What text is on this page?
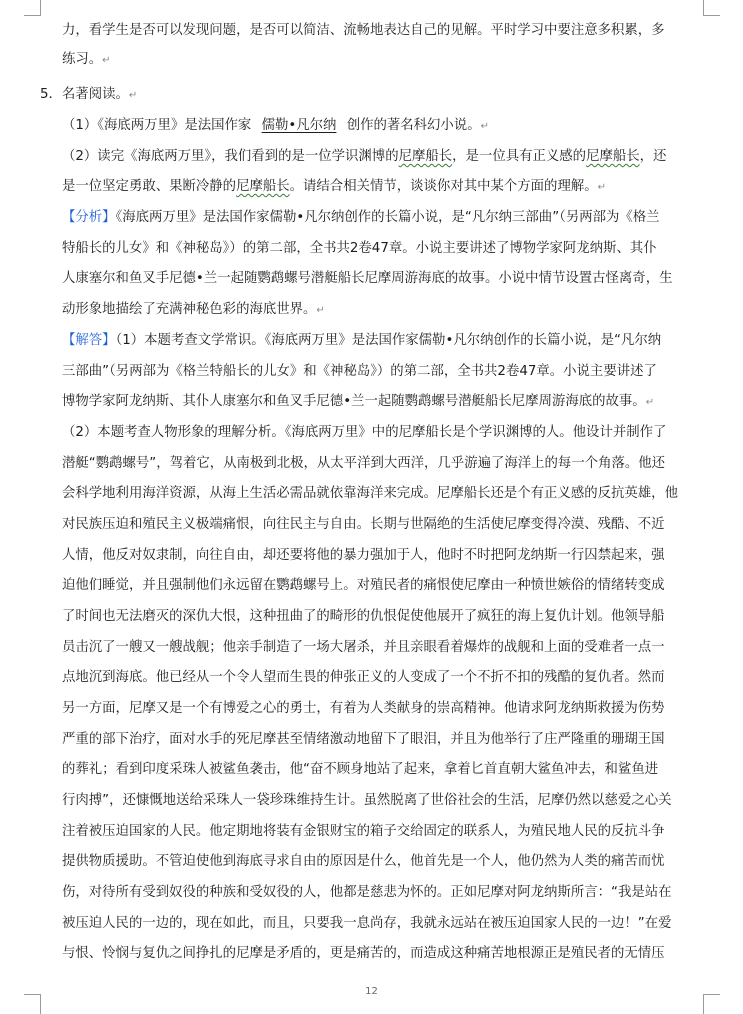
力，看学生是否可以发现问题，是否可以简洁、流畅地表达自己的见解。平时学习中要注意多积累，多
练习。↵
5．名著阅读。↵
（1）《海底两万里》是法国作家 儒勒•凡尔纳 创作的著名科幻小说。↵
（2）读完《海底两万里》，我们看到的是一位学识渊博的尼摩船长，是一位具有正义感的尼摩船长，还
是一位坚定勇敢、果断冷静的尼摩船长。请结合相关情节，谈谈你对其中某个方面的理解。↵
【分析】《海底两万里》是法国作家儒勒•凡尔纳创作的长篇小说，是“凡尔纳三部曲”（另两部为《格兰
特船长的儿女》和《神秘岛》）的第二部，全书共2卷47章。小说主要讲述了博物学家阿龙纳斯、其仆
人康塞尔和鱼叉手尼德•兰一起随鹦鹉螺号潜艇船长尼摩周游海底的故事。小说中情节设置古怪离奇，生
动形象地描绘了充满神秘色彩的海底世界。↵
【解答】（1）本题考查文学常识。《海底两万里》是法国作家儒勒•凡尔纳创作的长篇小说，是“凡尔纳
三部曲”（另两部为《格兰特船长的儿女》和《神秘岛》）的第二部，全书共2卷47章。小说主要讲述了
博物学家阿龙纳斯、其仆人康塞尔和鱼叉手尼德•兰一起随鹦鹉螺号潜艇船长尼摩周游海底的故事。↵
（2）本题考查人物形象的理解分析。《海底两万里》中的尼摩船长是个学识渊博的人。他设计并制作了
潜艇“鹦鹉螺号”，驾着它，从南极到北极，从太平洋到大西洋，几乎游遍了海洋上的每一个角落。他还
会科学地利用海洋资源，从海上生活必需品就依靠海洋来完成。尼摩船长还是个有正义感的反抗英雄，他
对民族压迫和殖民主义极端痛恨，向往民主与自由。长期与世隔绝的生活使尼摩变得冷漠、残酷、不近
人情，他反对奴隶制，向往自由，却还要将他的暴力强加于人，他时不时把阿龙纳斯一行囚禁起来，强
迫他们睡觉，并且强制他们永远留在鹦鹉螺号上。对殖民者的痛恨使尼摩由一种愤世嫉俗的情绪转变成
了时间也无法磨灭的深仇大恨，这种扭曲了的畸形的仇恨促使他展开了疯狂的海上复仇计划。他领导船
员击沉了一艘又一艘战舰；他亲手制造了一场大屠杀，并且亲眼看着爆炸的战舰和上面的受难者一点一
点地沉到海底。他已经从一个令人望而生畏的伸张正义的人变成了一个不折不扣的残酷的复仇者。然而
另一方面，尼摩又是一个有博爱之心的勇士，有着为人类献身的崇高精神。他请求阿龙纳斯救援为伤势
严重的部下治疗，面对水手的死尼摩甚至情绪激动地留下了眼泪，并且为他举行了庄严隆重的珊瑚王国
的葬礼；看到印度采珠人被鲨鱼袭击，他“奋不顾身地站了起来，拿着匕首直朝大鲨鱼冲去，和鲨鱼进
行肉搏”，还慷慨地送给采珠人一袋珍珠维持生计。虽然脱离了世俗社会的生活，尼摩仍然以慈爱之心关
注着被压迫国家的人民。他定期地将装有金银财宝的箱子交给固定的联系人，为殖民地人民的反抗斗争
提供物质援助。不管迫使他到海底寻求自由的原因是什么，他首先是一个人，他仍然为人类的痛苦而忧
伤，对待所有受到奴役的种族和受奴役的人，他都是慈悲为怀的。正如尼摩对阿龙纳斯所言：“我是站在
被压迫人民的一边的，现在如此，而且，只要我一息尚存，我就永远站在被压迫国家人民的一边！”在爱
与恨、怜悯与复仇之间挣扎的尼摩是矛盾的，更是痛苦的，而造成这种痛苦地根源正是殖民者的无情压
12
